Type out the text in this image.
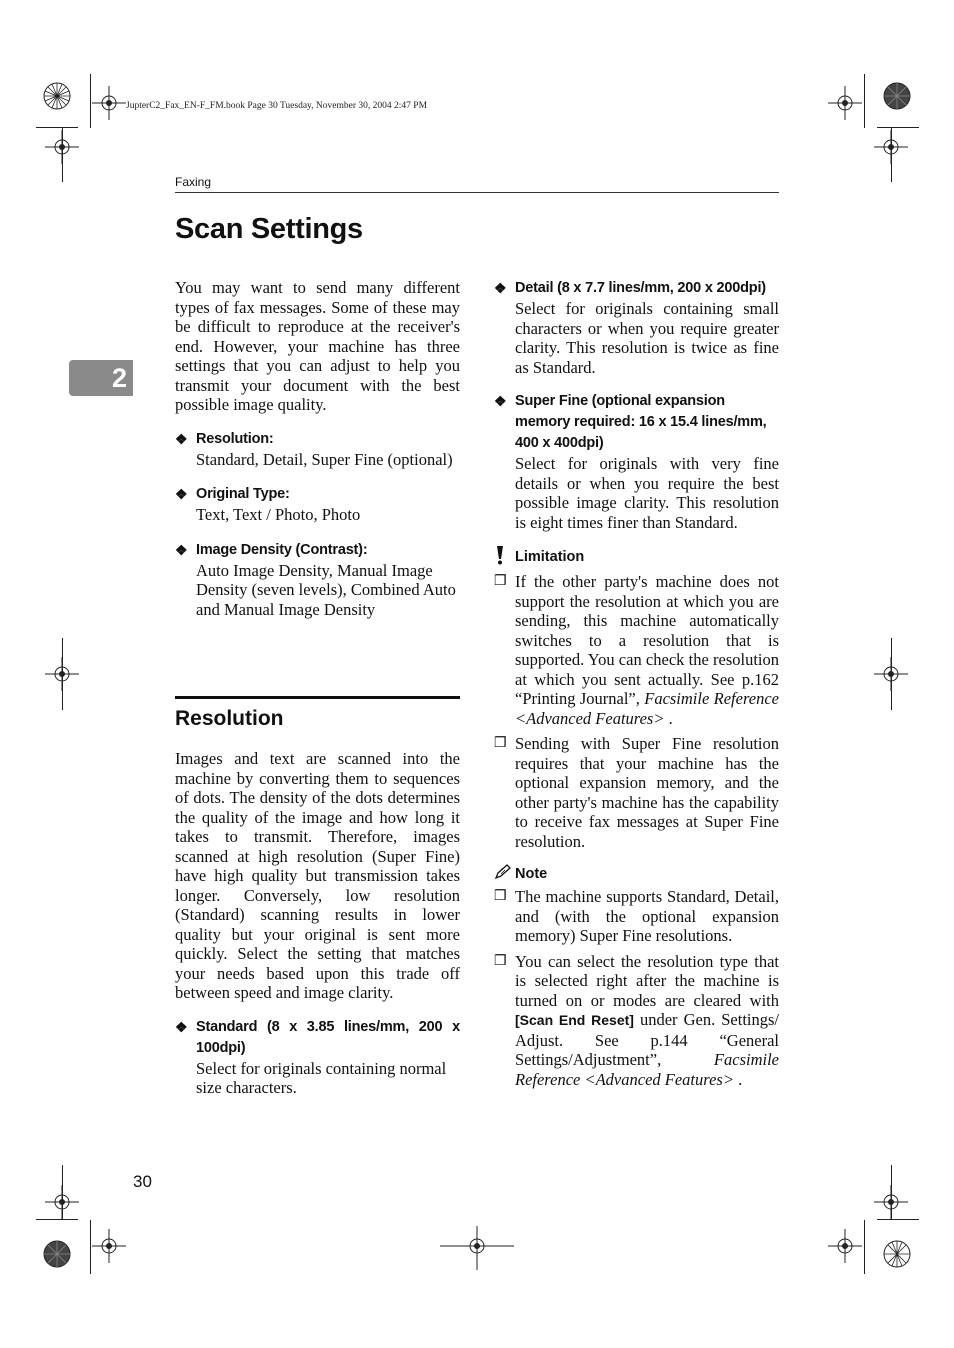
JupterC2_Fax_EN-F_FM.book Page 30 Tuesday, November 30, 2004 2:47 PM
Faxing
2
Scan Settings

You may want to send many different types of fax messages. Some of these may be difficult to reproduce at the receiver's end. However, your machine has three settings that you can adjust to help you transmit your document with the best possible image quality.

❖ Resolution:
Standard, Detail, Super Fine (optional)
❖ Original Type:
Text, Text / Photo, Photo
❖ Image Density (Contrast):
Auto Image Density, Manual Image Density (seven levels), Combined Auto and Manual Image Density
Resolution

Images and text are scanned into the machine by converting them to sequences of dots. The density of the dots determines the quality of the image and how long it takes to transmit. Therefore, images scanned at high resolution (Super Fine) have high quality but transmission takes longer. Conversely, low resolution (Standard) scanning results in lower quality but your original is sent more quickly. Select the setting that matches your needs based upon this trade off between speed and image clarity.

❖ Standard (8 x 3.85 lines/mm, 200 x 100dpi)
Select for originals containing normal size characters.
❖ Detail (8 x 7.7 lines/mm, 200 x 200dpi)
Select for originals containing small characters or when you require greater clarity. This resolution is twice as fine as Standard.
❖ Super Fine (optional expansion memory required: 16 x 15.4 lines/mm, 400 x 400dpi)
Select for originals with very fine details or when you require the best possible image clarity. This resolution is eight times finer than Standard.
Limitation
❒ If the other party's machine does not support the resolution at which you are sending, this machine automatically switches to a resolution that is supported. You can check the resolution at which you sent actually. See p.162 “Printing Journal”, Facsimile Reference <Advanced Features> .
❒ Sending with Super Fine resolution requires that your machine has the optional expansion memory, and the other party's machine has the capability to receive fax messages at Super Fine resolution.
Note
❒ The machine supports Standard, Detail, and (with the optional expansion memory) Super Fine resolutions.
❒ You can select the resolution type that is selected right after the machine is turned on or modes are cleared with [Scan End Reset] under Gen. Settings/ Adjust. See p.144 “General Settings/Adjustment”, Facsimile Reference <Advanced Features> .
30
